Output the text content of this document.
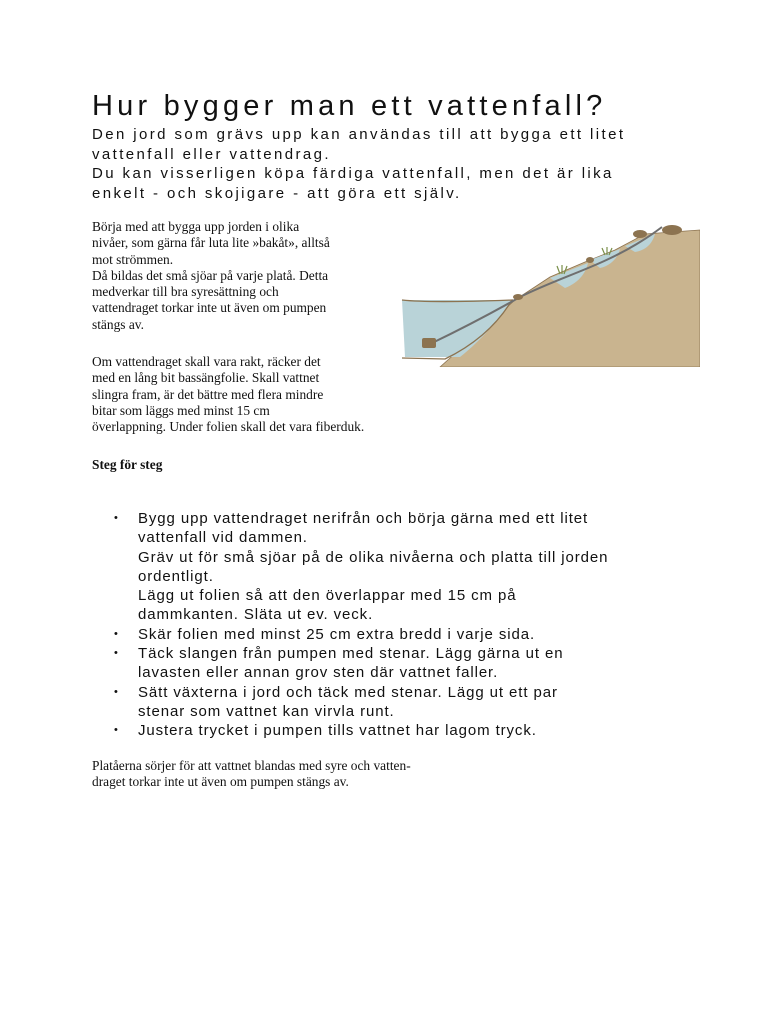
Hur bygger man ett vattenfall?
Den jord som grävs upp kan användas till att bygga ett litet
vattenfall eller vattendrag.
Du kan visserligen köpa färdiga vattenfall, men det är lika
enkelt - och skojigare - att göra ett själv.
Börja med att bygga upp jorden i olika
nivåer, som gärna får luta lite »bakåt», alltså
mot strömmen.
Då bildas det små sjöar på varje platå. Detta
medverkar till bra syresättning och
vattendraget torkar inte ut även om pumpen
stängs av.
Om vattendraget skall vara rakt, räcker det
med en lång bit bassängfolie. Skall vattnet
slingra fram, är det bättre med flera mindre
bitar som läggs med minst 15 cm
överlappning. Under folien skall det vara fiberduk.
Steg för steg
• Bygg upp vattendraget nerifrån och börja gärna med ett litet
vattenfall vid dammen.
Gräv ut för små sjöar på de olika nivåerna och platta till jorden
ordentligt.
Lägg ut folien så att den överlappar med 15 cm på
dammkanten. Släta ut ev. veck.
• Skär folien med minst 25 cm extra bredd i varje sida.
• Täck slangen från pumpen med stenar. Lägg gärna ut en
lavasten eller annan grov sten där vattnet faller.
• Sätt växterna i jord och täck med stenar. Lägg ut ett par
stenar som vattnet kan virvla runt.
• Justera trycket i pumpen tills vattnet har lagom tryck.
Platåerna sörjer för att vattnet blandas med syre och vatten-
draget torkar inte ut även om pumpen stängs av.
